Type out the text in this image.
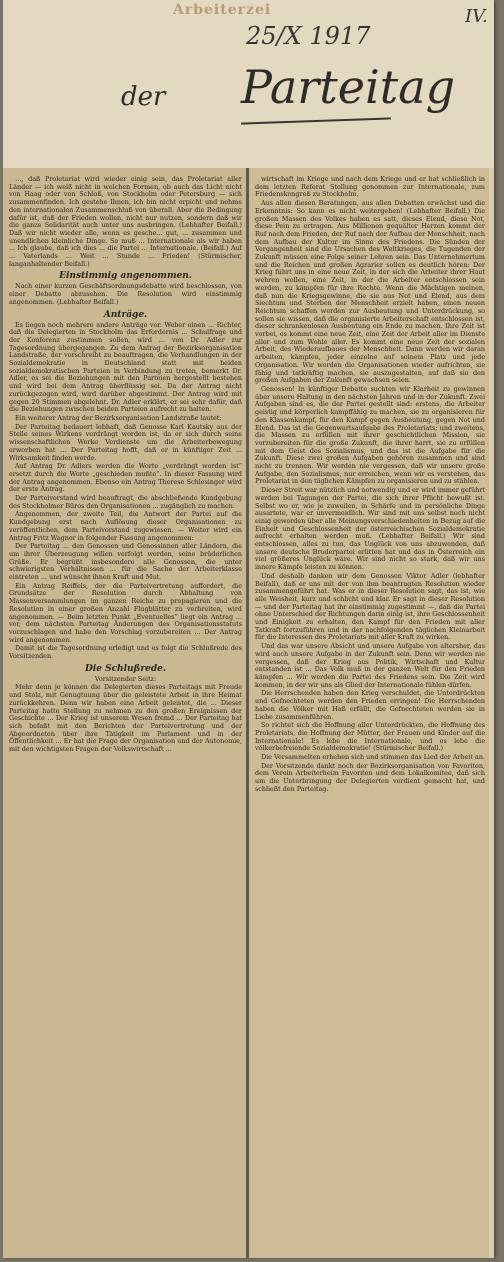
Arbeiterzei
25/X 1917
IV.
der Parteitag

…, daß Proletariat wird wieder einig sein, das Proletariat aller Länder — ich weiß nicht in welchen Formen, ob auch das Licht nicht von Haag oder von Schloß, von Stockholm oder Petersburg — sich zusammenfinden. Ich gestehe Ihnen, ich bin nicht erpicht und nehme den internationalen Zusammenschluß von überall. Aber die Bedingung dafür ist, daß der Frieden wollen, nicht nur nutzen, sondern daß wir die ganze Solidarität auch unter uns ausbringen. (Lebhafter Beifall.) Daß wir nicht wieder alle, wenn es gesche... gut, ... zusammen und unendlichen kleinliche Dinge. So muß ... Internationale als wir haben ... Ich glaube, daß ich dies ... die Partei ... Internationale. (Beifall.) Auf ... Vaterlands ... Weit ... Stunde ... Frieden! (Stürmischer, langanhaltender Beifall.)

Einstimmig angenommen.

Nach einer kurzen Geschäftsordnungsdebatte wird beschlossen, von einer Debatte abzusehen. Die Resolution wird einstimmig angenommen. (Lebhafter Beifall.)

Anträge.

Es liegen noch mehrere andere Anträge vor. Weber einen ... Richter, daß die Delegierten in Stockholm das Erfordernis ... Schulfrage und der Konferenz zustimmen sollen, wird ... von Dr. Adler zur Tagesordnung übergegangen. Zu dem Antrag der Bezirksorganisation Landstraße, der vorschreibt zu beauftragen, die Verhandlungen in der Sozialdemokratie in Deutschland statt mit beiden sozialdemokratischen Parteien in Verbindung zu treten, bemerkt Dr. Adler, es sei die Beziehungen mit den Parteien hergestellt bestehen und wird bei dem Antrag überflüssig sei. Da der Antrag nicht zurückgezogen wird, wird darüber abgestimmt. Der Antrag wird mit gegen 20 Stimmen abgelehnt. Dr. Adler erklärt, er sei sehr dafür, daß die Beziehungen zwischen beiden Parteien aufrecht zu halten.

Ein weiterer Antrag der Bezirksorganisation Landstraße lautet:

Der Parteitag bedauert lebhaft, daß Genosse Karl Kautsky aus der Stelle seines Wirkens verdrängt worden ist, da er sich durch seine wissenschaftlichen Werke Verdienste um die Arbeiterbewegung erworben hat ... Der Parteitag hofft, daß er in künftiger Zeit ... Wirksamkeit finden werde.

Auf Antrag Dr. Adlers werden die Worte „verdrängt worden ist“ ersetzt durch die Worte „geschieden mußte“. In dieser Fassung wird der Antrag angenommen. Ebenso ein Antrag Therese Schlesinger wird der erste Antrag.

Der Parteivorstand wird beauftragt, die abschließende Kundgebung des Stockholmer Büros den Organisationen ... zugänglich zu machen.

Angenommen, der zweite Teil, die Antwort der Partei auf die Kundgebung erst nach Auflösung dieser Organisationen zu veröffentlichen, dem Parteivorstand zugewiesen. — Weiter wird ein Antrag Fritz Wagner in folgender Fassung angenommen:

Der Parteitag ... den Genossen und Genossinnen aller Ländern, die um ihrer Überzeugung willen verfolgt werden, seine brüderlichen Grüße. Er begrüßt insbesondere alle Genossen, die unter schwierigsten Verhältnissen ... für die Sache der Arbeiterklasse eintreten ... und wünscht ihnen Kraft und Mut.

Ein Antrag Reiffels, der die Parteivertretung auffordert, die Grundsätze der Resolution durch Abhaltung von Massenversammlungen im ganzen Reiche zu propagieren und die Resolution in einer großen Anzahl Flugblätter zu verbreiten, wird angenommen. — Beim letzten Punkt „Eventuelles“ liegt ein Antrag ... vor, dem nächsten Parteitag Änderungen des Organisationsstatuts vorzuschlagen und habe den Vorschlag vorzubereiten ... Der Antrag wird angenommen.

Damit ist die Tagesordnung erledigt und es folgt die Schlußrede des Vorsitzenden.

Die Schlußrede.

Vorsitzender Seitz:

Mehr denn je können die Delegierten dieses Parteitags mit Freude und Stolz, mit Genugtuung über die geleistete Arbeit in ihre Heimat zurückkehren. Denn wir haben eine Arbeit geleistet, die ... Dieser Parteitag hatte Stellung zu nehmen zu den großen Ereignissen der Geschichte ... Der Krieg ist unserem Wesen fremd ... Der Parteitag hat sich befaßt mit den Berichten der Parteivertretung und der Abgeordneten über ihre Tätigkeit im Parlament und in der Öffentlichkeit ... Er hat die Frage der Organisation und der Autonomie, mit den wichtigsten Fragen der Volkswirtschaft ...

wirtschaft im Kriege und nach dem Kriege und er hat schließlich in dem letzten Referat Stellung genommen zur Internationale, zum Friedenskongreß zu Stockholm.

Aus allen diesen Beratungen, aus allen Debatten erwächst und die Erkenntnis: So kann es nicht weitergehen! (Lebhafter Beifall.) Die großen Massen des Volkes haben es satt, dieses Elend, diese Not, diese Pein zu ertragen. Aus Millionen gequälter Herzen kommt der Ruf nach dem Frieden, der Ruf nach der Aufbau der Menschheit, nach dem Aufbau der Kultur im Sinne des Friedens. Die Sünden der Vergangenheit sind die Ursachen des Weltkrieges, die Tugenden der Zukunft müssen eine Folge seiner Lehren sein. Das Unternehmertum und die Reichen und großen Agrarier sollen es deutlich hören: Der Krieg führt uns in eine neue Zeit, in der sich die Arbeiter ihrer Haut wehren wollen, eine Zeit, in der die Arbeiter entschlossen sein werden, zu kämpfen für ihre Rechte. Wenn die Mächtigen meinen, daß nun die Kriegsgewinne, die sie aus Not und Elend, aus dem Siechtum und Sterben der Menschheit erzielt haben, einen neuen Reichtum schaffen werden zur Ausbeutung und Unterdrückung, so sollen sie wissen, daß die organisierte Arbeiterschaft entschlossen ist, dieser schrankenlosen Ausbeutung ein Ende zu machen. Ihre Zeit ist vorbei, es kommt eine neue Zeit, eine Zeit der Arbeit aller im Dienste aller und zum Wohle aller. Es kommt eine neue Zeit der sozialen Arbeit, des Wiederaufbaues der Menschheit. Dann werden wir daran arbeiten, kämpfen, jeder einzelne auf seinem Platz und jede Organisation. Wir werden die Organisationen wieder aufrichten, sie fähig und tatkräftig machen, sie auszugestalten, auf daß sie den großen Aufgaben der Zukunft gewachsen seien.

Genossen! In künftiger Debatte suchten wir Klarheit zu gewinnen über unsere Haltung in den nächsten Jahren und in der Zukunft. Zwei Aufgaben sind es, die der Partei gestellt sind: erstens, die Arbeiter geistig und körperlich kampffähig zu machen, sie zu organisieren für den Klassenkampf, für den Kampf gegen Ausbeutung, gegen Not und Elend. Das ist die Gegenwartsaufgabe des Proletariats; und zweitens, die Massen zu erfüllen mit ihrer geschichtlichen Mission, sie vorzubereiten für die große Zukunft, die ihrer harrt, sie zu erfüllen mit dem Geist des Sozialismus, und das ist die Aufgabe für die Zukunft. Diese zwei großen Aufgaben gehören zusammen und sind nicht zu trennen. Wir werden nie vergessen, daß wir unsere große Aufgabe, den Sozialismus, nur erreichen, wenn wir es verstehen, das Proletariat in den täglichen Kämpfen zu organisieren und zu stählen.

Dieser Streit war nützlich und notwendig und er wird immer geführt werden bei Tagungen der Partei, die sich ihrer Pflicht bewußt ist. Selbst wo er, wie je zuweilen, in Schärfe und in persönliche Dinge ausartete, war er unvermeidlich. Wir sind mit uns selbst noch nicht einig geworden über alle Meinungsverschiedenheiten in Bezug auf die Einheit und Geschlossenheit der österreichischen Sozialdemokratie aufrecht erhalten werden muß. (Lebhafter Beifall.) Wir sind entschlossen, alles zu tun, das Unglück von uns abzuwenden, daß unsere deutsche Bruderpartei erlitten hat und das in Österreich ein viel größeres Unglück wäre. Wir sind nicht so stark, daß wir uns innere Kämpfe leisten zu können.

Und deshalb danken wir dem Genossen Viktor Adler (lebhafter Beifall), daß er uns mit der von ihm beantragten Resolution wieder zusammengeführt hat. Was er in dieser Resolution sagt, das ist, wie alle Weisheit, kurz und schlicht und klar. Er sagt in dieser Resolution — und der Parteitag hat ihr einstimmig zugestimmt —, daß die Partei ohne Unterschied der Richtungen darin einig ist, ihre Geschlossenheit und Einigkeit zu erhalten, den Kampf für den Frieden mit aller Tatkraft fortzuführen und in der nachfolgenden täglichen Kleinarbeit für die Interessen des Proletariats mit aller Kraft zu wirken.

Und das war unsere Absicht und unsere Aufgabe von altersher, das wird auch unsere Aufgabe in der Zukunft sein. Denn wir werden nie vergessen, daß der Krieg aus Politik, Wirtschaft und Kultur entstanden ist ... Das Volk muß in der ganzen Welt für den Frieden kämpfen ... Wir werden die Partei des Friedens sein. Die Zeit wird kommen, in der wir uns als Glied der Internationale fühlen dürfen.

Die Herrschenden haben den Krieg verschuldet, die Unterdrückten und Gefnechteten werden den Frieden erringen! Die Herrschenden haben die Völker mit Haß erfüllt, die Gefnechteten werden sie in Liebe zusammenführen.

So richtet sich die Hoffnung aller Unterdrückten, die Hoffnung des Proletariats, die Hoffnung der Mütter, der Frauen und Kinder auf die Internationale! Es lebe die Internationale, und es lebe die völkerbefreiende Sozialdemokratie! (Stürmischer Beifall.)

Die Versammelten erheben sich und stimmen das Lied der Arbeit an.

Der Vorsitzende dankt noch der Bezirksorganisation von Favoriten, dem Verein Arbeiterheim Favoriten und dem Lokalkomitee, daß sich um die Unterbringung der Delegierten verdient gemacht hat, und schließt den Parteitag.
